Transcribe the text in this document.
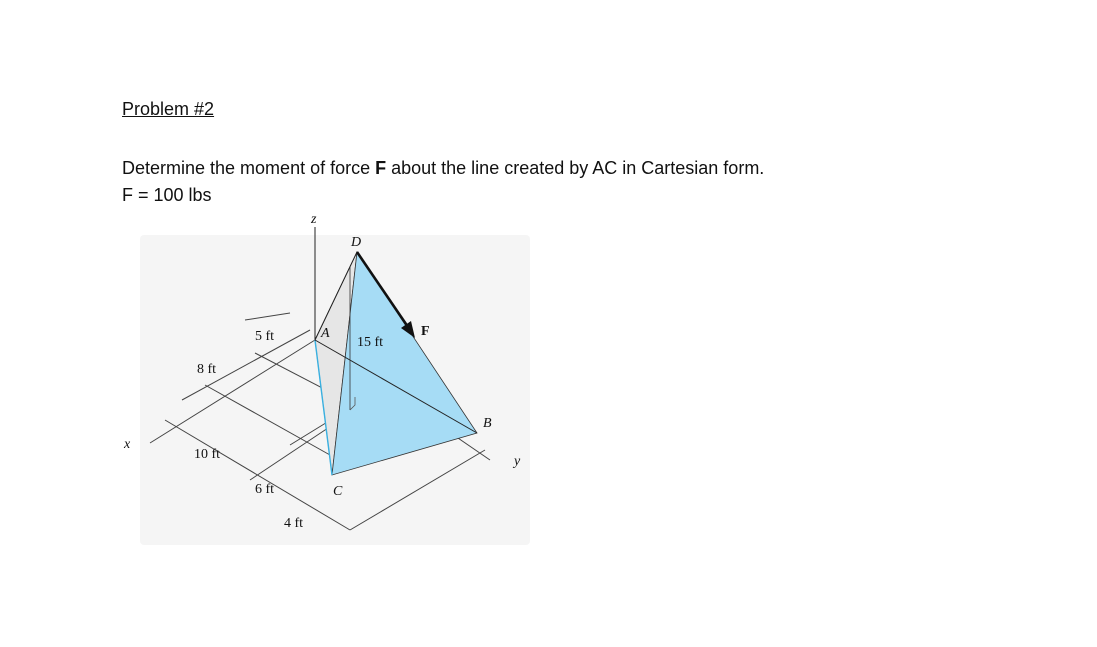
Problem #2
Determine the moment of force F about the line created by AC in Cartesian form.
F = 100 lbs
z
D
A
B
C
F
x
y
5 ft
8 ft
10 ft
6 ft
4 ft
15 ft
